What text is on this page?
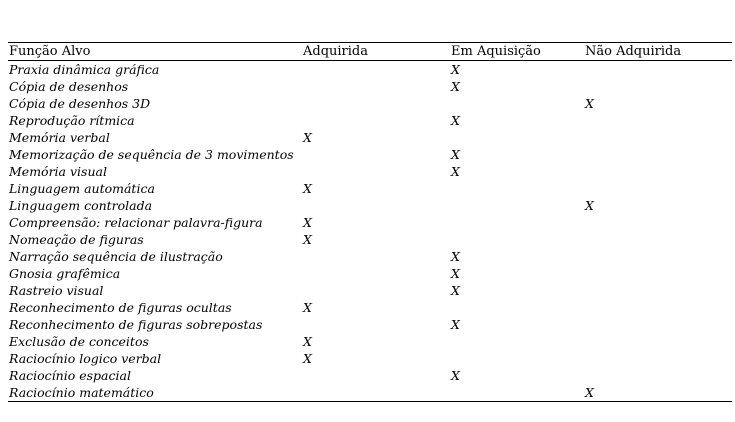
Função Alvo	Adquirida	Em Aquisição	Não Adquirida
Praxia dinâmica gráfica		X	
Cópia de desenhos		X	
Cópia de desenhos 3D			X
Reprodução rítmica		X	
Memória verbal	X		
Memorização de sequência de 3 movimentos		X	
Memória visual		X	
Linguagem automática	X		
Linguagem controlada			X
Compreensão: relacionar palavra-figura	X		
Nomeação de figuras	X		
Narração sequência de ilustração		X	
Gnosia grafêmica		X	
Rastreio visual		X	
Reconhecimento de figuras ocultas	X		
Reconhecimento de figuras sobrepostas		X	
Exclusão de conceitos	X		
Raciocínio logico verbal	X		
Raciocínio espacial		X	
Raciocínio matemático			X
